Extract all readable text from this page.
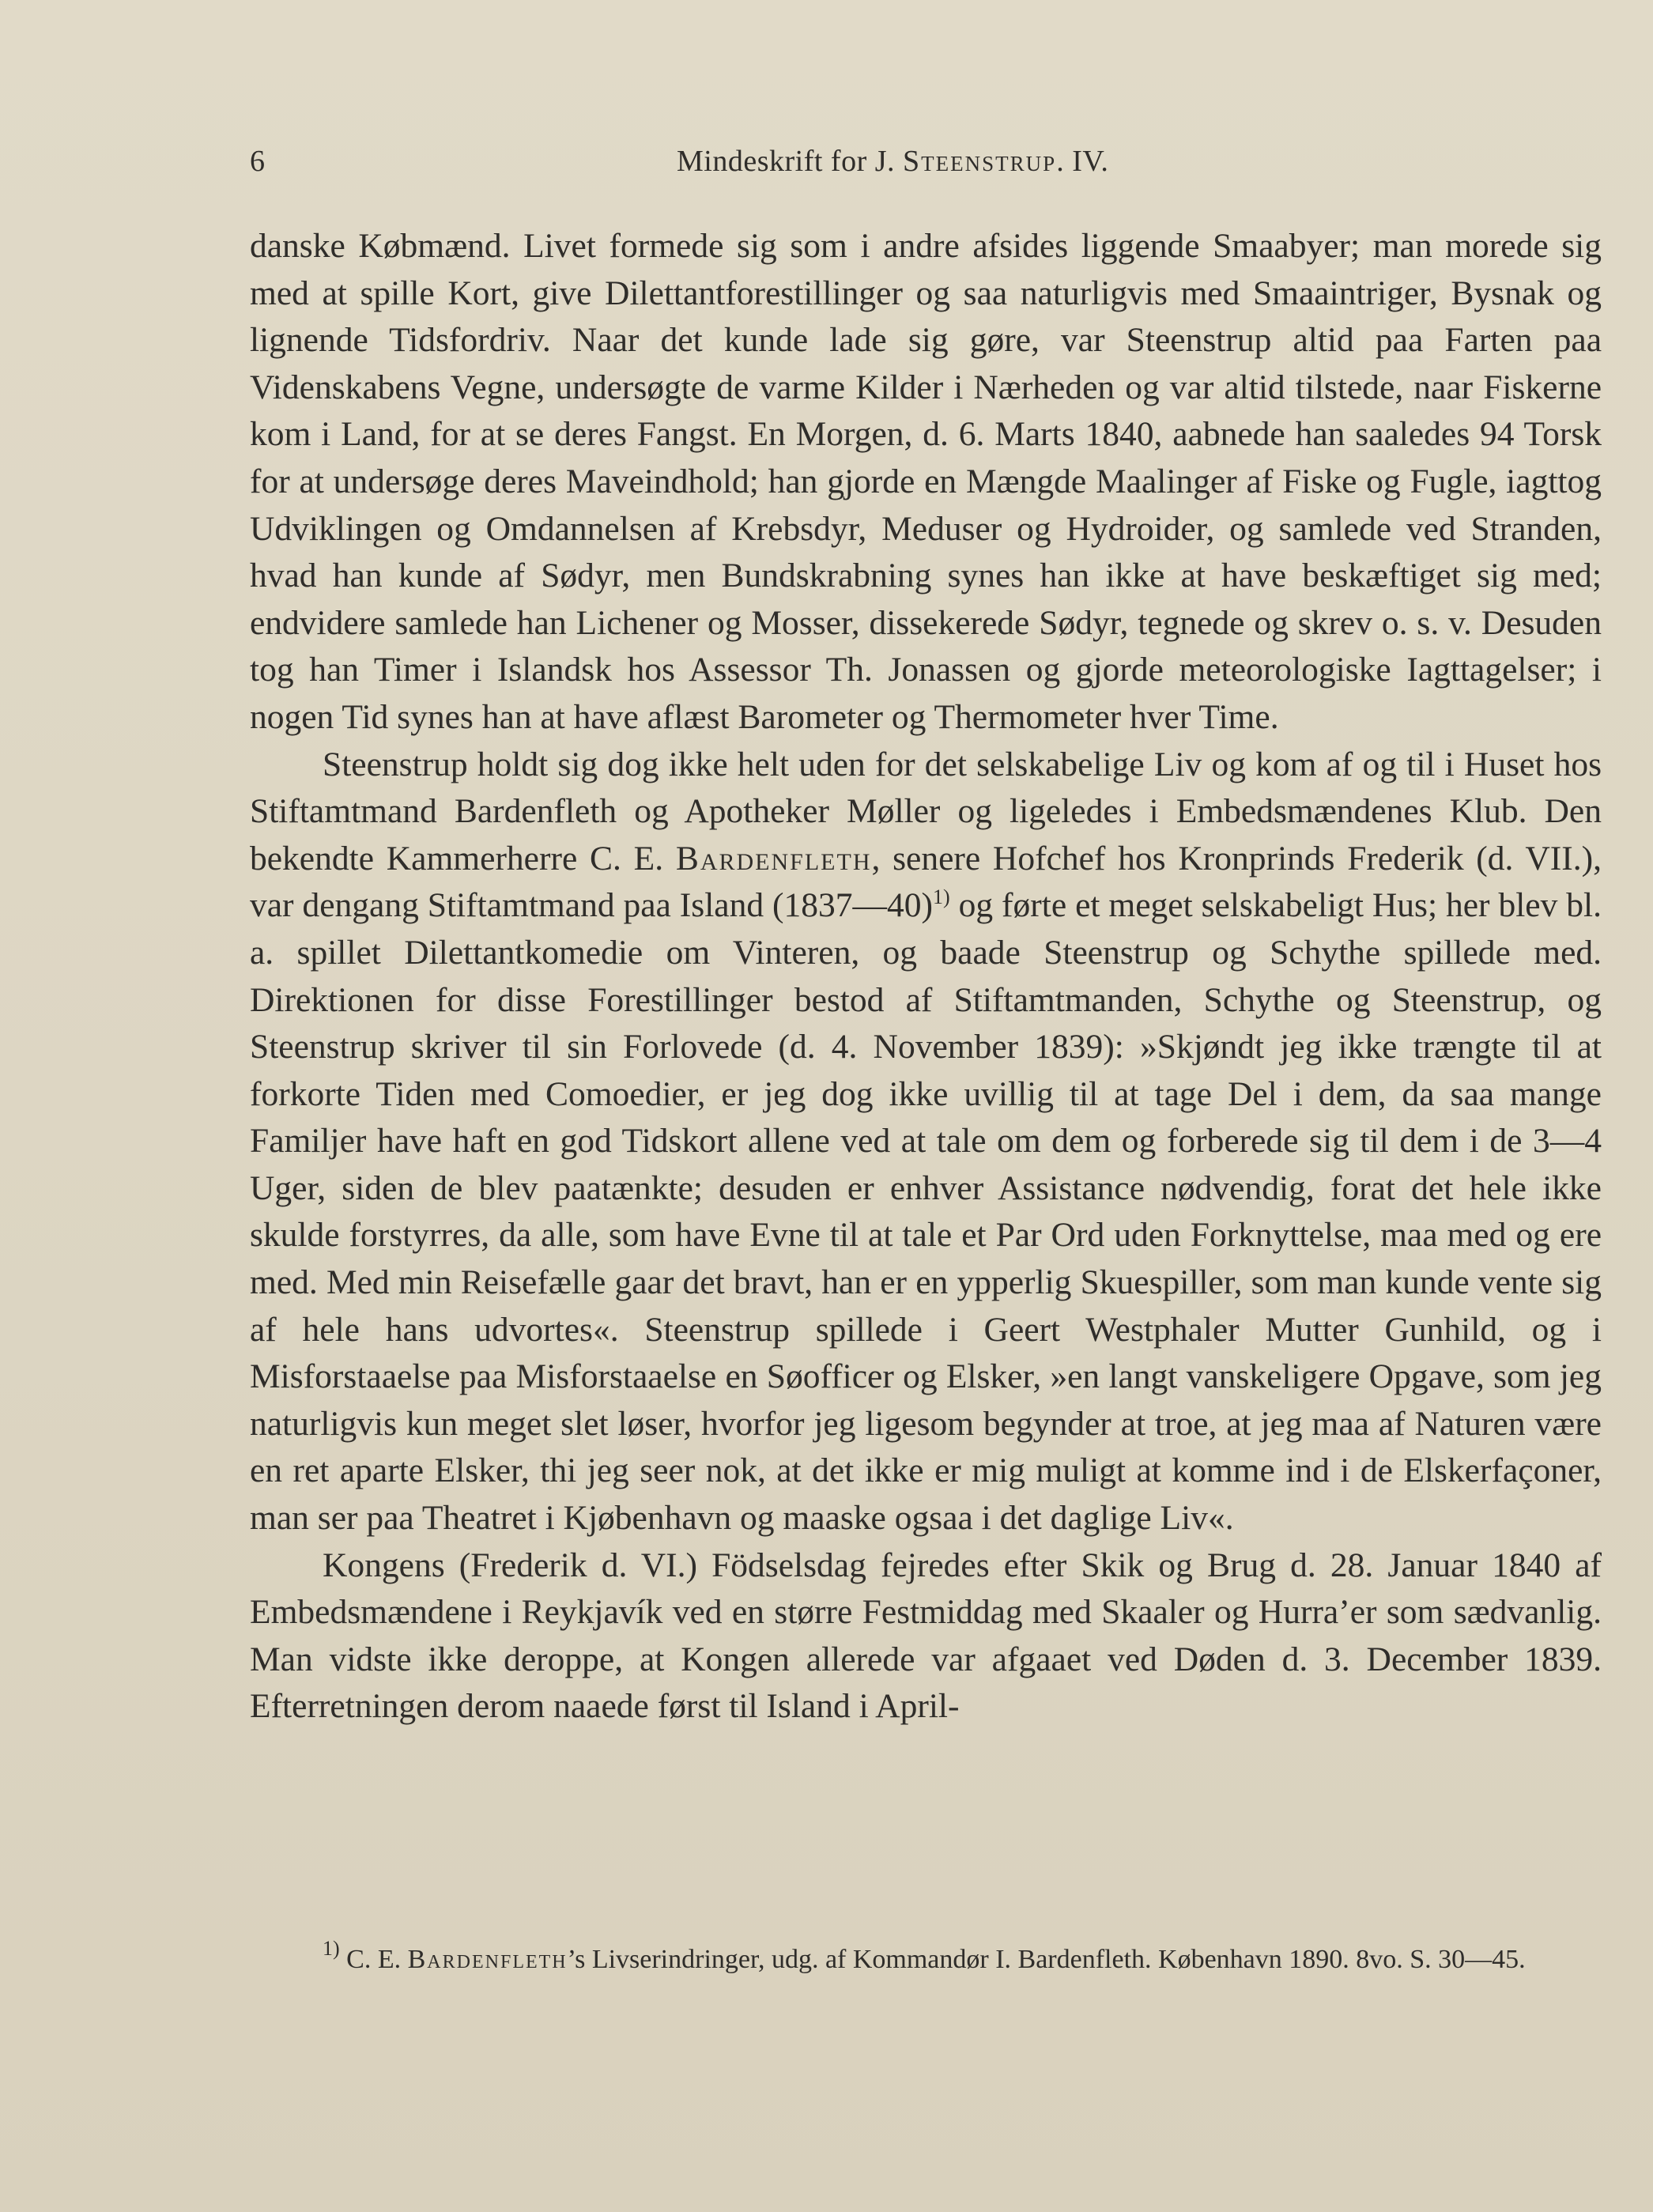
6	Mindeskrift for J. Steenstrup. IV.

danske Købmænd. Livet formede sig som i andre afsides liggende Smaabyer; man morede sig med at spille Kort, give Dilettantforestillinger og saa naturligvis med Smaaintriger, Bysnak og lignende Tidsfordriv. Naar det kunde lade sig gøre, var Steenstrup altid paa Farten paa Videnskabens Vegne, undersøgte de varme Kilder i Nærheden og var altid tilstede, naar Fiskerne kom i Land, for at se deres Fangst. En Morgen, d. 6. Marts 1840, aabnede han saaledes 94 Torsk for at undersøge deres Maveindhold; han gjorde en Mængde Maalinger af Fiske og Fugle, iagttog Udviklingen og Omdannelsen af Krebsdyr, Meduser og Hydroider, og samlede ved Stranden, hvad han kunde af Sødyr, men Bundskrabning synes han ikke at have beskæftiget sig med; endvidere samlede han Lichener og Mosser, dissekerede Sødyr, tegnede og skrev o. s. v. Desuden tog han Timer i Islandsk hos Assessor Th. Jonassen og gjorde meteorologiske Iagttagelser; i nogen Tid synes han at have aflæst Barometer og Thermometer hver Time.

Steenstrup holdt sig dog ikke helt uden for det selskabelige Liv og kom af og til i Huset hos Stiftamtmand Bardenfleth og Apotheker Møller og ligeledes i Embedsmændenes Klub. Den bekendte Kammerherre C. E. Bardenfleth, senere Hofchef hos Kronprinds Frederik (d. VII.), var dengang Stiftamtmand paa Island (1837—40)$^{1)}$ og førte et meget selskabeligt Hus; her blev bl. a. spillet Dilettantkomedie om Vinteren, og baade Steenstrup og Schythe spillede med. Direktionen for disse Forestillinger bestod af Stiftamtmanden, Schythe og Steenstrup, og Steenstrup skriver til sin Forlovede (d. 4. November 1839): »Skjøndt jeg ikke trængte til at forkorte Tiden med Comoedier, er jeg dog ikke uvillig til at tage Del i dem, da saa mange Familjer have haft en god Tidskort allene ved at tale om dem og forberede sig til dem i de 3—4 Uger, siden de blev paatænkte; desuden er enhver Assistance nødvendig, forat det hele ikke skulde forstyrres, da alle, som have Evne til at tale et Par Ord uden Forknyttelse, maa med og ere med. Med min Reisefælle gaar det bravt, han er en ypperlig Skuespiller, som man kunde vente sig af hele hans udvortes«. Steenstrup spillede i Geert Westphaler Mutter Gunhild, og i Misforstaaelse paa Misforstaaelse en Søofficer og Elsker, »en langt vanskeligere Opgave, som jeg naturligvis kun meget slet løser, hvorfor jeg ligesom begynder at troe, at jeg maa af Naturen være en ret aparte Elsker, thi jeg seer nok, at det ikke er mig muligt at komme ind i de Elskerfaçoner, man ser paa Theatret i Kjøbenhavn og maaske ogsaa i det daglige Liv«.

Kongens (Frederik d. VI.) Födselsdag fejredes efter Skik og Brug d. 28. Januar 1840 af Embedsmændene i Reykjavík ved en større Festmiddag med Skaaler og Hurra’er som sædvanlig. Man vidste ikke deroppe, at Kongen allerede var afgaaet ved Døden d. 3. December 1839. Efterretningen derom naaede først til Island i April-

$^{1)}$ C. E. Bardenfleth’s Livserindringer, udg. af Kommandør I. Bardenfleth. København 1890. 8vo. S. 30—45.
